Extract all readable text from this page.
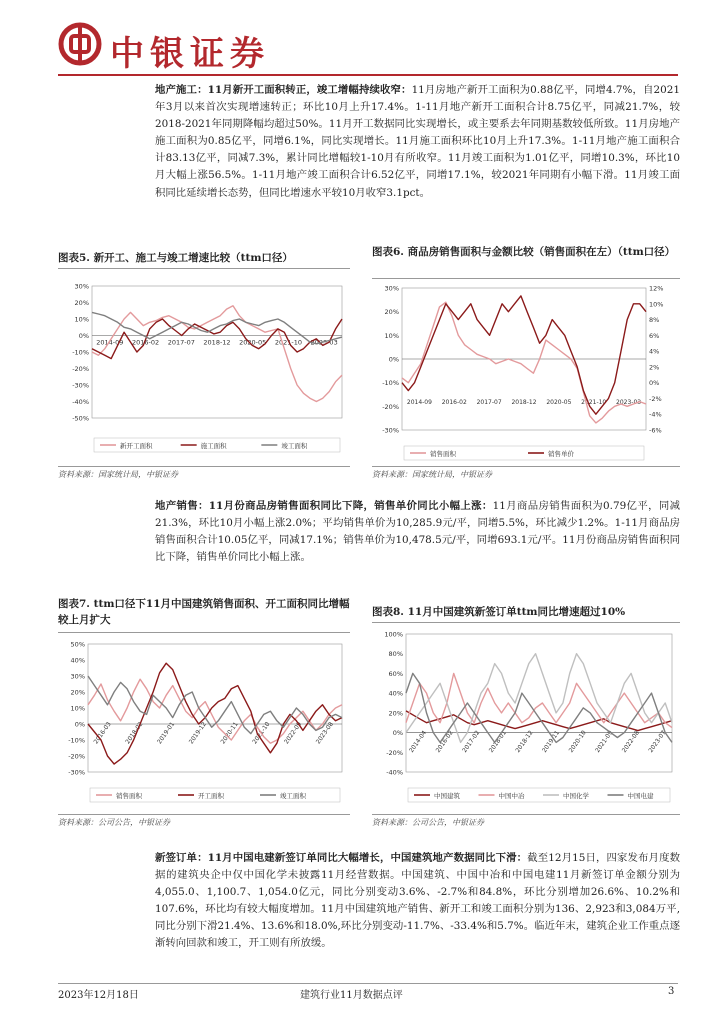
中银证券
地产施工：11月新开工面积转正，竣工增幅持续收窄：11月房地产新开工面积为0.88亿平，同增4.7%，自2021年3月以来首次实现增速转正；环比10月上升17.4%。1-11月地产新开工面积合计8.75亿平，同减21.7%，较2018-2021年同期降幅均超过50%。11月开工数据同比实现增长，或主要系去年同期基数较低所致。11月房地产施工面积为0.85亿平，同增6.1%，同比实现增长。11月施工面积环比10月上升17.3%。1-11月地产施工面积合计83.13亿平，同减7.3%，累计同比增幅较1-10月有所收窄。11月竣工面积为1.01亿平，同增10.3%，环比10月大幅上涨56.5%。1-11月地产竣工面积合计6.52亿平，同增17.1%，较2021年同期有小幅下滑。11月竣工面积同比延续增长态势，但同比增速水平较10月收窄3.1pct。
图表5. 新开工、施工与竣工增速比较（ttm口径）
30%
20%
10%
0%
-10%
-20%
-30%
-40%
-50%
2014-09 2016-02 2017-07 2018-12 2020-05 2021-10 2023-03
新开工面积	施工面积	竣工面积
资料来源：国家统计局，中银证券
图表6. 商品房销售面积与金额比较（销售面积在左）（ttm口径）
30%
20%
10%
0%
-10%
-20%
-30%
12%
10%
8%
6%
4%
2%
0%
-2%
-4%
-6%
2014-09 2016-02 2017-07 2018-12 2020-05 2021-10 2023-03
销售面积	销售单价
资料来源：国家统计局，中银证券
地产销售：11月份商品房销售面积同比下降，销售单价同比小幅上涨：11月商品房销售面积为0.79亿平，同减21.3%，环比10月小幅上涨2.0%；平均销售单价为10,285.9元/平，同增5.5%，环比减少1.2%。1-11月商品房销售面积合计10.05亿平，同减17.1%；销售单价为10,478.5元/平，同增693.1元/平。11月份商品房销售面积同比下降，销售单价同比小幅上涨。
图表7. ttm口径下11月中国建筑销售面积、开工面积同比增幅较上月扩大
50%
40%
30%
20%
10%
0%
-10%
-20%
-30%
2016-03 2018-02 2019-01 2019-12 2020-11 2021-10 2022-09 2023-08
销售面积	开工面积	竣工面积
资料来源：公司公告，中银证券
图表8. 11月中国建筑新签订单ttm同比增速超过10%
100%
80%
60%
40%
20%
0%
-20%
-40%
2014-04 2016-02 2017-02 2018-01 2018-12 2019-11 2020-10 2021-09 2022-08 2023-07
中国建筑	中国中冶	中国化学	中国电建
资料来源：公司公告，中银证券
新签订单：11月中国电建新签订单同比大幅增长，中国建筑地产数据同比下滑：截至12月15日，四家发布月度数据的建筑央企中仅中国化学未披露11月经营数据。中国建筑、中国中冶和中国电建11月新签订单金额分别为4,055.0、1,100.7、1,054.0亿元，同比分别变动3.6%、-2.7%和84.8%，环比分别增加26.6%、10.2%和107.6%，环比均有较大幅度增加。11月中国建筑地产销售、新开工和竣工面积分别为136、2,923和3,084万平,同比分别下滑21.4%、13.6%和18.0%,环比分别变动-11.7%、-33.4%和5.7%。临近年末，建筑企业工作重点逐渐转向回款和竣工，开工则有所放缓。
2023年12月18日	建筑行业11月数据点评	3
